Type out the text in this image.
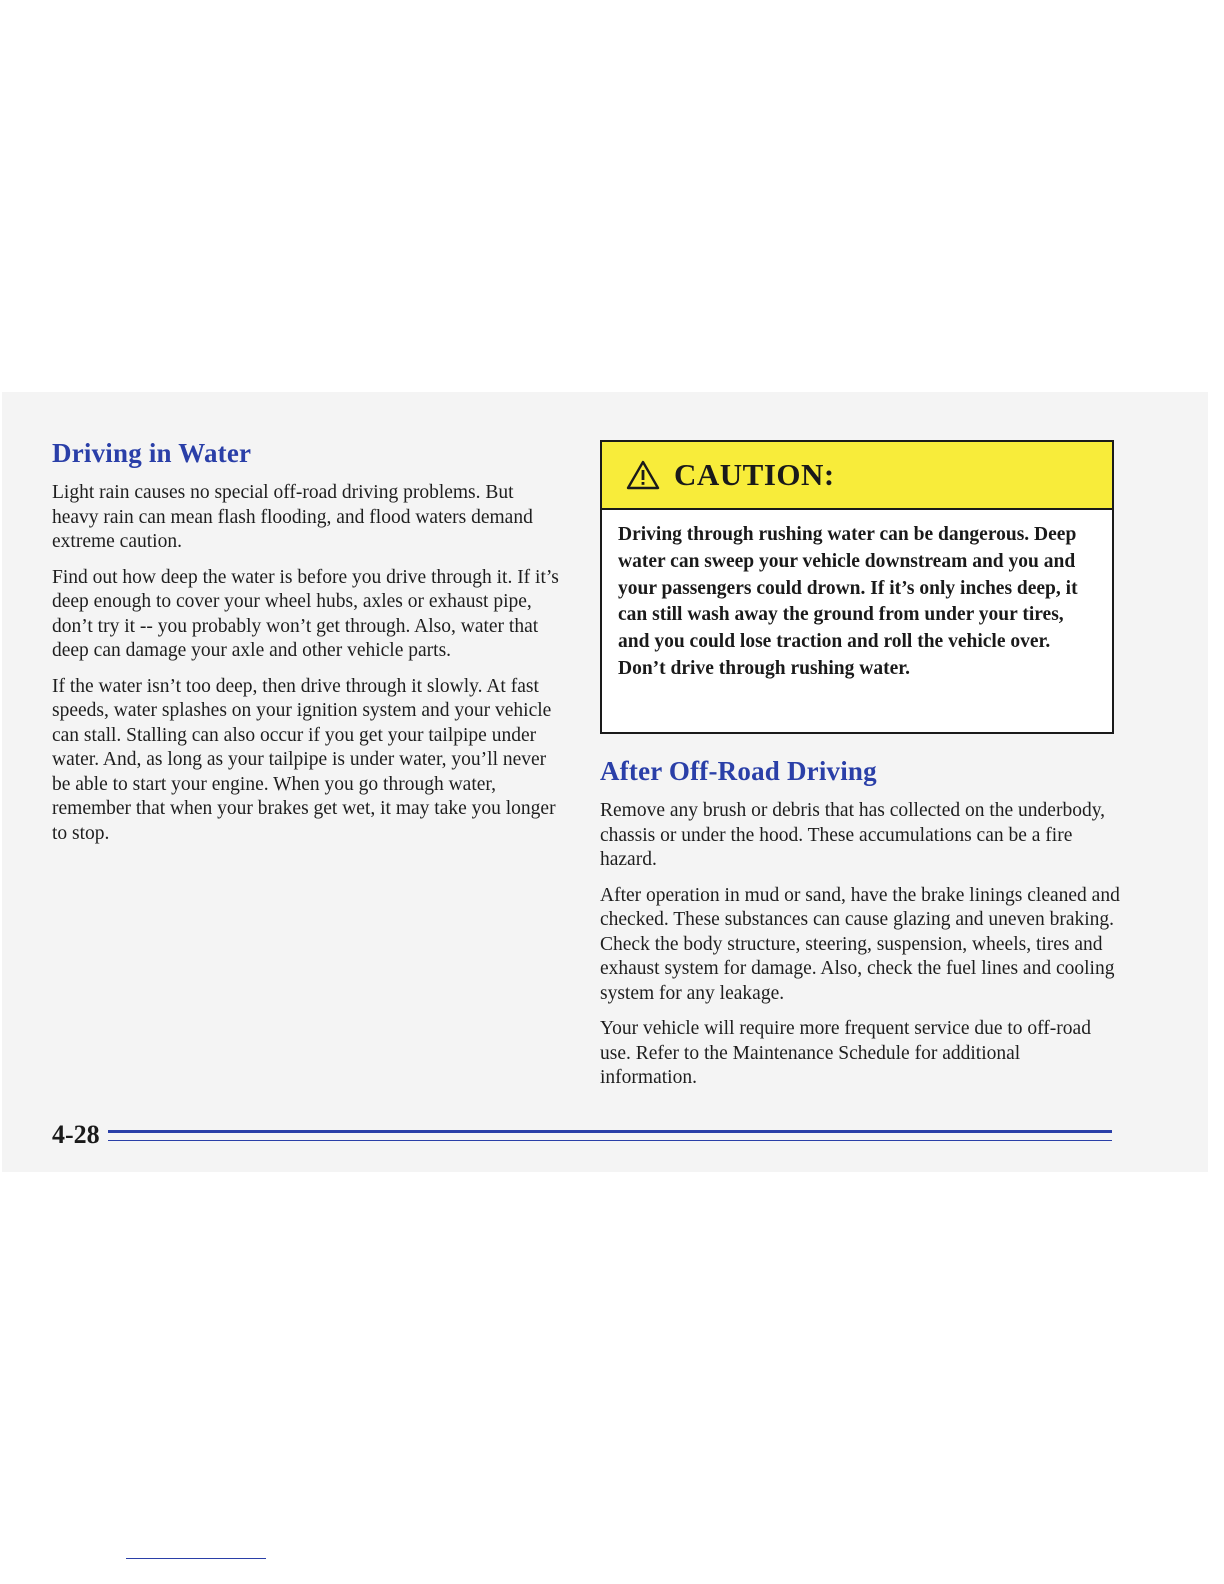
Driving in Water

Light rain causes no special off-road driving problems. But heavy rain can mean flash flooding, and flood waters demand extreme caution.

Find out how deep the water is before you drive through it. If it’s deep enough to cover your wheel hubs, axles or exhaust pipe, don’t try it -- you probably won’t get through. Also, water that deep can damage your axle and other vehicle parts.

If the water isn’t too deep, then drive through it slowly. At fast speeds, water splashes on your ignition system and your vehicle can stall. Stalling can also occur if you get your tailpipe under water. And, as long as your tailpipe is under water, you’ll never be able to start your engine. When you go through water, remember that when your brakes get wet, it may take you longer to stop.

CAUTION:
Driving through rushing water can be dangerous. Deep water can sweep your vehicle downstream and you and your passengers could drown. If it’s only inches deep, it can still wash away the ground from under your tires, and you could lose traction and roll the vehicle over. Don’t drive through rushing water.
After Off-Road Driving

Remove any brush or debris that has collected on the underbody, chassis or under the hood. These accumulations can be a fire hazard.

After operation in mud or sand, have the brake linings cleaned and checked. These substances can cause glazing and uneven braking. Check the body structure, steering, suspension, wheels, tires and exhaust system for damage. Also, check the fuel lines and cooling system for any leakage.

Your vehicle will require more frequent service due to off-road use. Refer to the Maintenance Schedule for additional information.

4-28
